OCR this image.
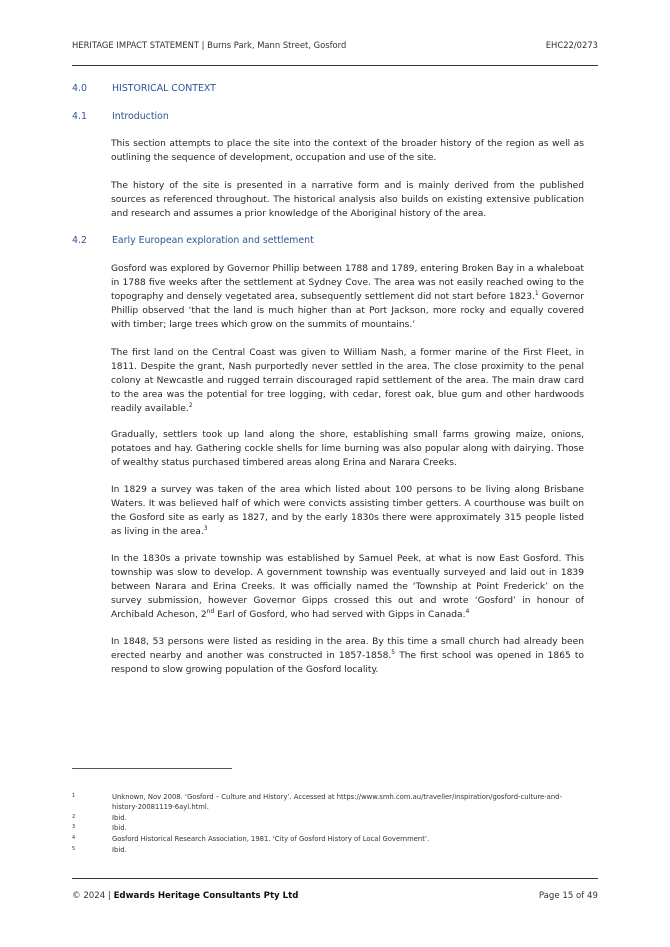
HERITAGE IMPACT STATEMENT | Burns Park, Mann Street, Gosford	EHC22/0273
4.0	HISTORICAL CONTEXT
4.1	Introduction
This section attempts to place the site into the context of the broader history of the region as well as outlining the sequence of development, occupation and use of the site.
The history of the site is presented in a narrative form and is mainly derived from the published sources as referenced throughout. The historical analysis also builds on existing extensive publication and research and assumes a prior knowledge of the Aboriginal history of the area.
4.2	Early European exploration and settlement
Gosford was explored by Governor Phillip between 1788 and 1789, entering Broken Bay in a whaleboat in 1788 five weeks after the settlement at Sydney Cove. The area was not easily reached owing to the topography and densely vegetated area, subsequently settlement did not start before 1823.$^1$ Governor Phillip observed ‘that the land is much higher than at Port Jackson, more rocky and equally covered with timber; large trees which grow on the summits of mountains.’
The first land on the Central Coast was given to William Nash, a former marine of the First Fleet, in 1811. Despite the grant, Nash purportedly never settled in the area. The close proximity to the penal colony at Newcastle and rugged terrain discouraged rapid settlement of the area. The main draw card to the area was the potential for tree logging, with cedar, forest oak, blue gum and other hardwoods readily available.$^2$
Gradually, settlers took up land along the shore, establishing small farms growing maize, onions, potatoes and hay. Gathering cockle shells for lime burning was also popular along with dairying. Those of wealthy status purchased timbered areas along Erina and Narara Creeks.
In 1829 a survey was taken of the area which listed about 100 persons to be living along Brisbane Waters. It was believed half of which were convicts assisting timber getters. A courthouse was built on the Gosford site as early as 1827, and by the early 1830s there were approximately 315 people listed as living in the area.$^3$
In the 1830s a private township was established by Samuel Peek, at what is now East Gosford. This township was slow to develop. A government township was eventually surveyed and laid out in 1839 between Narara and Erina Creeks. It was officially named the ‘Township at Point Frederick’ on the survey submission, however Governor Gipps crossed this out and wrote ‘Gosford’ in honour of Archibald Acheson, 2nd Earl of Gosford, who had served with Gipps in Canada.$^4$
In 1848, 53 persons were listed as residing in the area. By this time a small church had already been erected nearby and another was constructed in 1857-1858.$^5$ The first school was opened in 1865 to respond to slow growing population of the Gosford locality.
1	Unknown, Nov 2008. ‘Gosford – Culture and History’. Accessed at https://www.smh.com.au/traveller/inspiration/gosford-culture-and-history-20081119-6ayl.html.
2	Ibid.
3	Ibid.
4	Gosford Historical Research Association, 1981. ‘City of Gosford History of Local Government’.
5	Ibid.
© 2024 | Edwards Heritage Consultants Pty Ltd	Page 15 of 49
